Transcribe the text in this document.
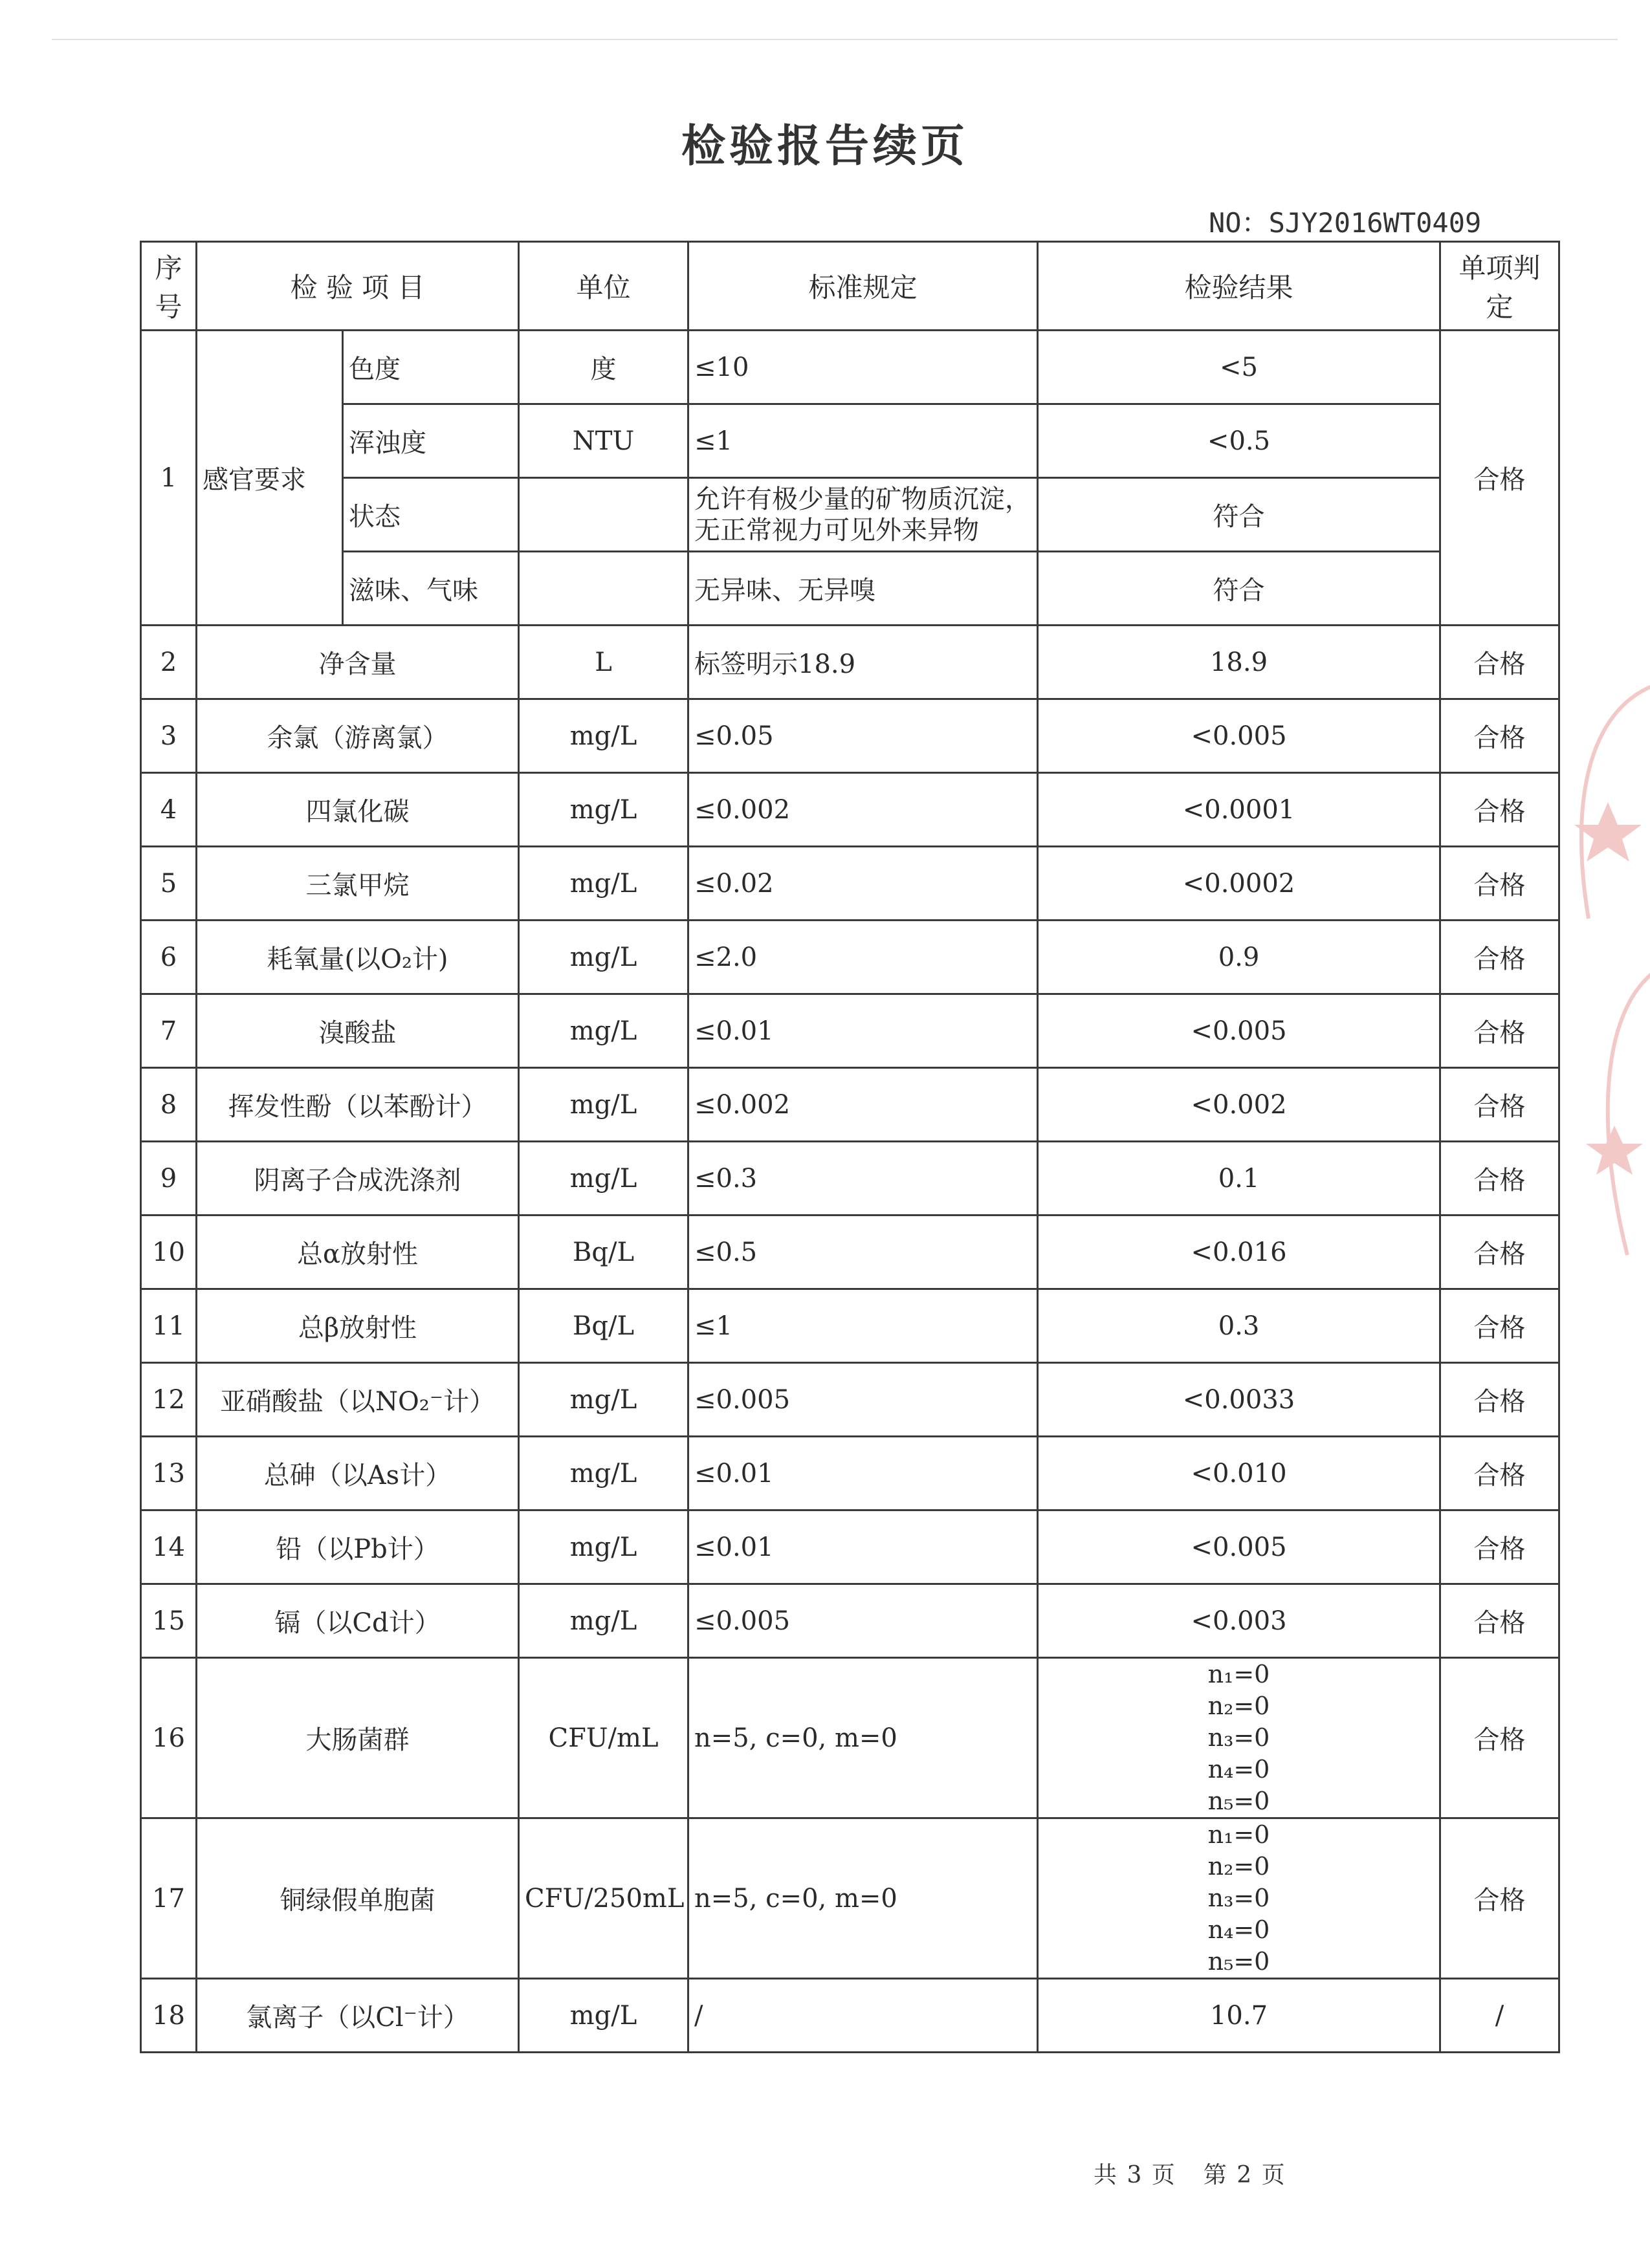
检验报告续页
NO：SJY2016WT0409
序号	检 验 项 目		单位	标准规定	检验结果	单项判定
1	感官要求	色度	度	≤10	<5	合格
		浑浊度	NTU	≤1	<0.5	
		状态		允许有极少量的矿物质沉淀，无正常视力可见外来异物	符合	
		滋味、气味		无异味、无异嗅	符合	
2	净含量		L	标签明示18.9	18.9	合格
3	余氯（游离氯）		mg/L	≤0.05	<0.005	合格
4	四氯化碳		mg/L	≤0.002	<0.0001	合格
5	三氯甲烷		mg/L	≤0.02	<0.0002	合格
6	耗氧量(以O₂计)		mg/L	≤2.0	0.9	合格
7	溴酸盐		mg/L	≤0.01	<0.005	合格
8	挥发性酚（以苯酚计）		mg/L	≤0.002	<0.002	合格
9	阴离子合成洗涤剂		mg/L	≤0.3	0.1	合格
10	总α放射性		Bq/L	≤0.5	<0.016	合格
11	总β放射性		Bq/L	≤1	0.3	合格
12	亚硝酸盐（以NO₂⁻计）		mg/L	≤0.005	<0.0033	合格
13	总砷（以As计）		mg/L	≤0.01	<0.010	合格
14	铅（以Pb计）		mg/L	≤0.01	<0.005	合格
15	镉（以Cd计）		mg/L	≤0.005	<0.003	合格
16	大肠菌群		CFU/mL	n=5, c=0, m=0	n₁=0
n₂=0
n₃=0
n₄=0
n₅=0	合格
17	铜绿假单胞菌		CFU/250mL	n=5, c=0, m=0	n₁=0
n₂=0
n₃=0
n₄=0
n₅=0	合格
18	氯离子（以Cl⁻计）		mg/L	/	10.7	/
共 3 页 第 2 页
